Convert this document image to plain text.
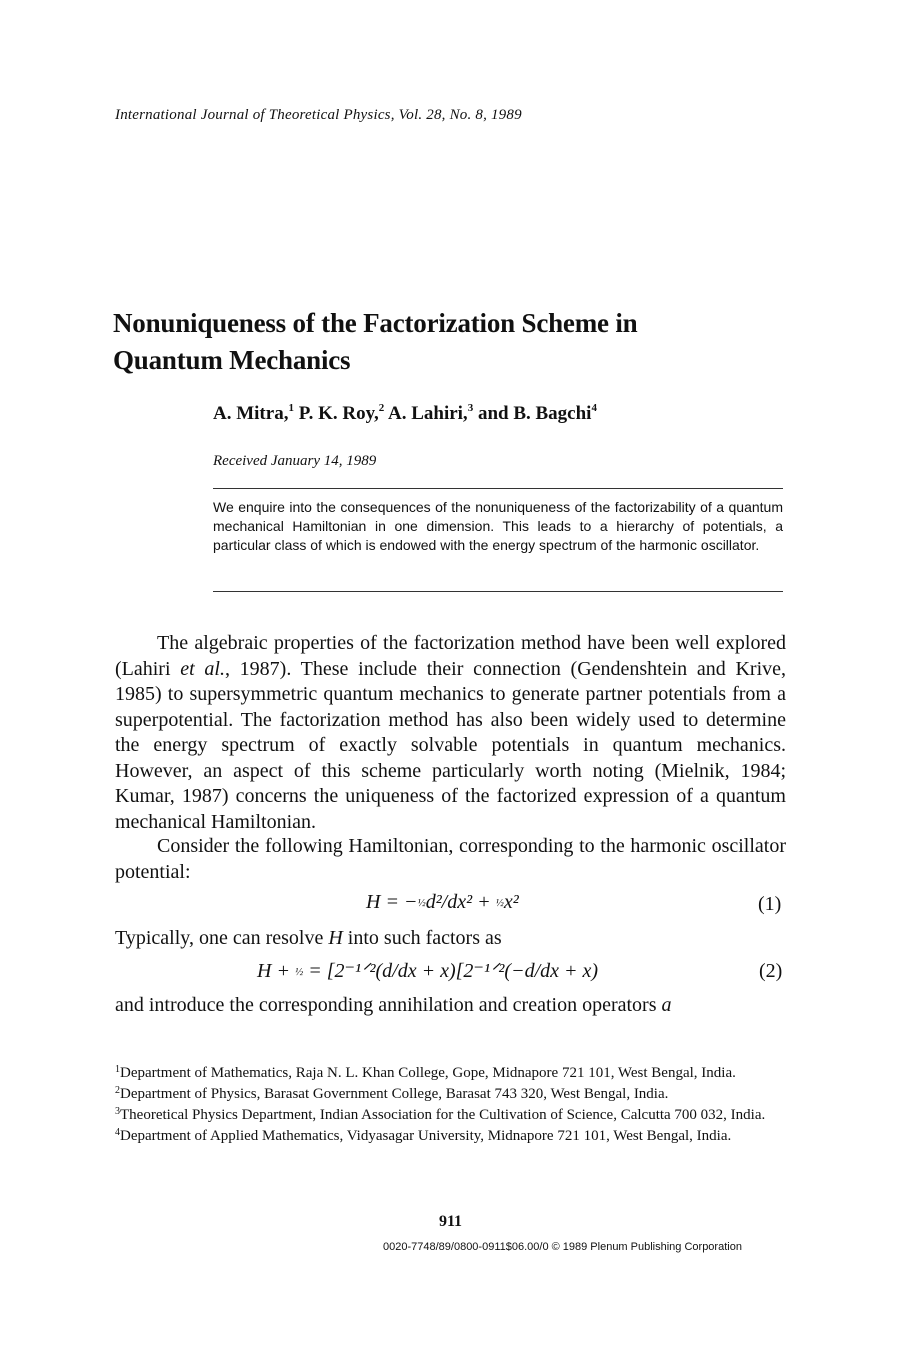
International Journal of Theoretical Physics, Vol. 28, No. 8, 1989
Nonuniqueness of the Factorization Scheme in Quantum Mechanics
A. Mitra,$^1$ P. K. Roy,$^2$ A. Lahiri,$^3$ and B. Bagchi$^4$
Received January 14, 1989
We enquire into the consequences of the nonuniqueness of the factorizability of a quantum mechanical Hamiltonian in one dimension. This leads to a hierarchy of potentials, a particular class of which is endowed with the energy spectrum of the harmonic oscillator.
The algebraic properties of the factorization method have been well explored (Lahiri et al., 1987). These include their connection (Gendenshtein and Krive, 1985) to supersymmetric quantum mechanics to generate partner potentials from a superpotential. The factorization method has also been widely used to determine the energy spectrum of exactly solvable potentials in quantum mechanics. However, an aspect of this scheme particularly worth noting (Mielnik, 1984; Kumar, 1987) concerns the uniqueness of the factorized expression of a quantum mechanical Hamiltonian.
Consider the following Hamiltonian, corresponding to the harmonic oscillator potential:
H = −½d²/dx² + ½x²	(1)
Typically, one can resolve H into such factors as
H + ½ = [2⁻¹ᐟ²(d/dx + x)[2⁻¹ᐟ²(−d/dx + x)	(2)
and introduce the corresponding annihilation and creation operators a
$^1$Department of Mathematics, Raja N. L. Khan College, Gope, Midnapore 721 101, West Bengal, India.
$^2$Department of Physics, Barasat Government College, Barasat 743 320, West Bengal, India.
$^3$Theoretical Physics Department, Indian Association for the Cultivation of Science, Calcutta 700 032, India.
$^4$Department of Applied Mathematics, Vidyasagar University, Midnapore 721 101, West Bengal, India.
911
0020-7748/89/0800-0911$06.00/0 © 1989 Plenum Publishing Corporation
